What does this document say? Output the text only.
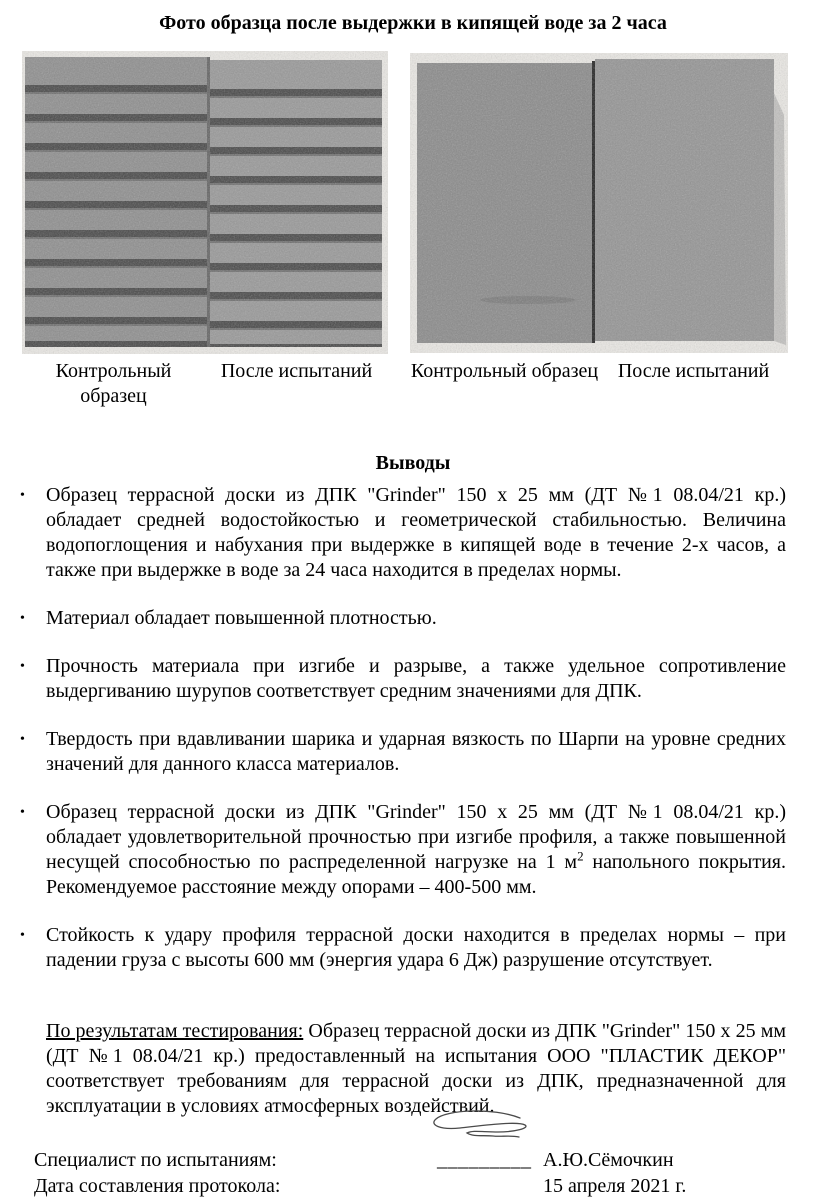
Фото образца после выдержки в кипящей воде за 2 часа
Контрольный образец
После испытаний	Контрольный образец После испытаний
Выводы
•	Образец террасной доски из ДПК "Grinder" 150 х 25 мм (ДТ №1 08.04/21 кр.) обладает средней водостойкостью и геометрической стабильностью. Величина водопоглощения и набухания при выдержке в кипящей воде в течение 2-х часов, а также при выдержке в воде за 24 часа находится в пределах нормы.

•	Материал обладает повышенной плотностью.

•	Прочность материала при изгибе и разрыве, а также удельное сопротивление выдергиванию шурупов соответствует средним значениями для ДПК.

•	Твердость при вдавливании шарика и ударная вязкость по Шарпи на уровне средних значений для данного класса материалов.

•	Образец террасной доски из ДПК "Grinder" 150 х 25 мм (ДТ №1 08.04/21 кр.) обладает удовлетворительной прочностью при изгибе профиля, а также повышенной несущей способностью по распределенной нагрузке на 1 $м^2$ напольного покрытия. Рекомендуемое расстояние между опорами – 400-500 мм.

•	Стойкость к удару профиля террасной доски находится в пределах нормы – при падении груза с высоты 600 мм (энергия удара 6 Дж) разрушение отсутствует.

По результатам тестирования: Образец террасной доски из ДПК "Grinder" 150 х 25 мм (ДТ №1 08.04/21 кр.) предоставленный на испытания ООО "ПЛАСТИК ДЕКОР" соответствует требованиям для террасной доски из ДПК, предназначенной для эксплуатации в условиях атмосферных воздействий.

Специалист по испытаниям:	_________ А.Ю.Сёмочкин
Дата составления протокола:	15 апреля 2021 г.
